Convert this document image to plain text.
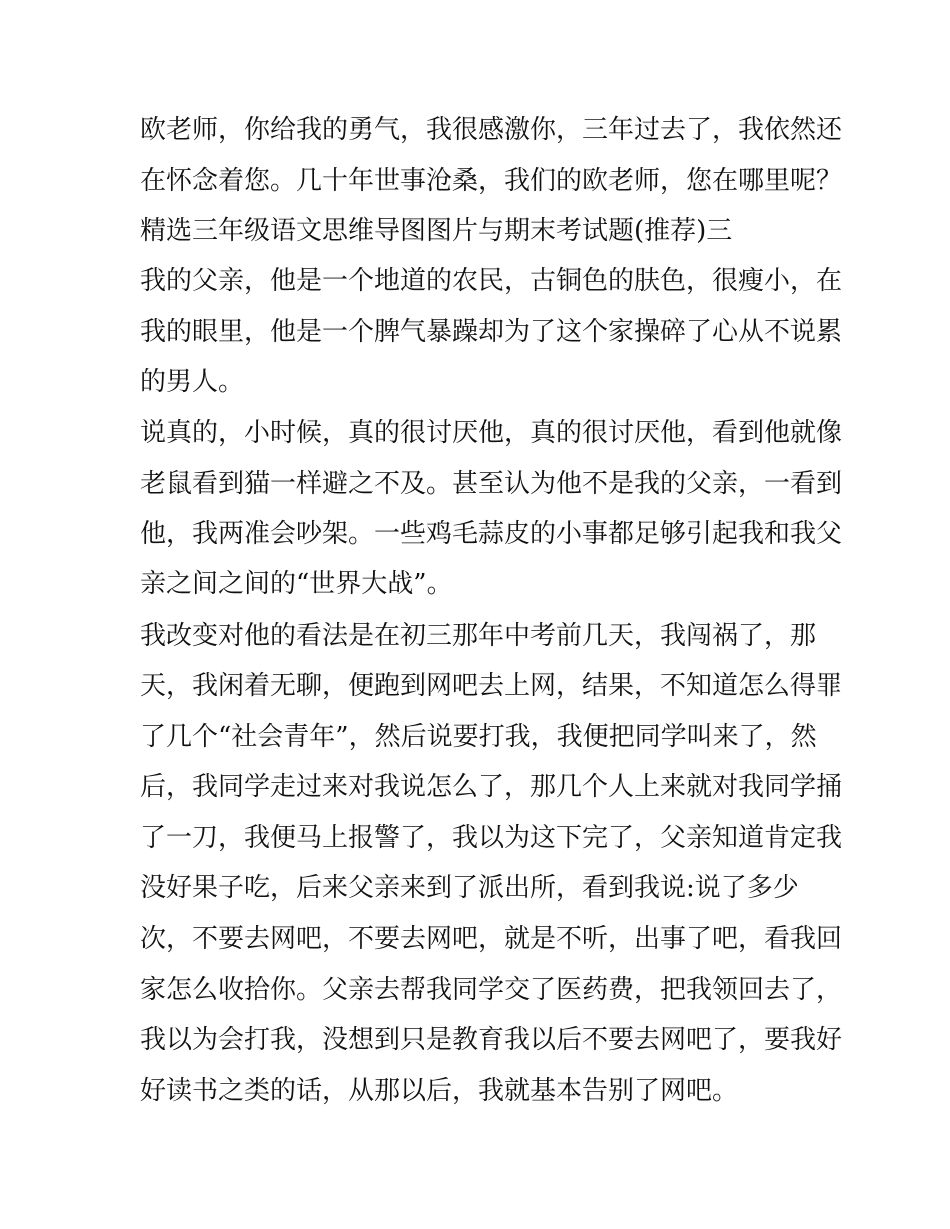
欧老师，你给我的勇气，我很感激你，三年过去了，我依然还
在怀念着您。几十年世事沧桑，我们的欧老师，您在哪里呢？
精选三年级语文思维导图图片与期末考试题(推荐)三
我的父亲，他是一个地道的农民，古铜色的肤色，很瘦小，在
我的眼里，他是一个脾气暴躁却为了这个家操碎了心从不说累
的男人。
说真的，小时候，真的很讨厌他，真的很讨厌他，看到他就像
老鼠看到猫一样避之不及。甚至认为他不是我的父亲，一看到
他，我两准会吵架。一些鸡毛蒜皮的小事都足够引起我和我父
亲之间之间的“世界大战”。
我改变对他的看法是在初三那年中考前几天，我闯祸了，那
天，我闲着无聊，便跑到网吧去上网，结果，不知道怎么得罪
了几个“社会青年”，然后说要打我，我便把同学叫来了，然
后，我同学走过来对我说怎么了，那几个人上来就对我同学捅
了一刀，我便马上报警了，我以为这下完了，父亲知道肯定我
没好果子吃，后来父亲来到了派出所，看到我说:说了多少
次，不要去网吧，不要去网吧，就是不听，出事了吧，看我回
家怎么收拾你。父亲去帮我同学交了医药费，把我领回去了，
我以为会打我，没想到只是教育我以后不要去网吧了，要我好
好读书之类的话，从那以后，我就基本告别了网吧。
